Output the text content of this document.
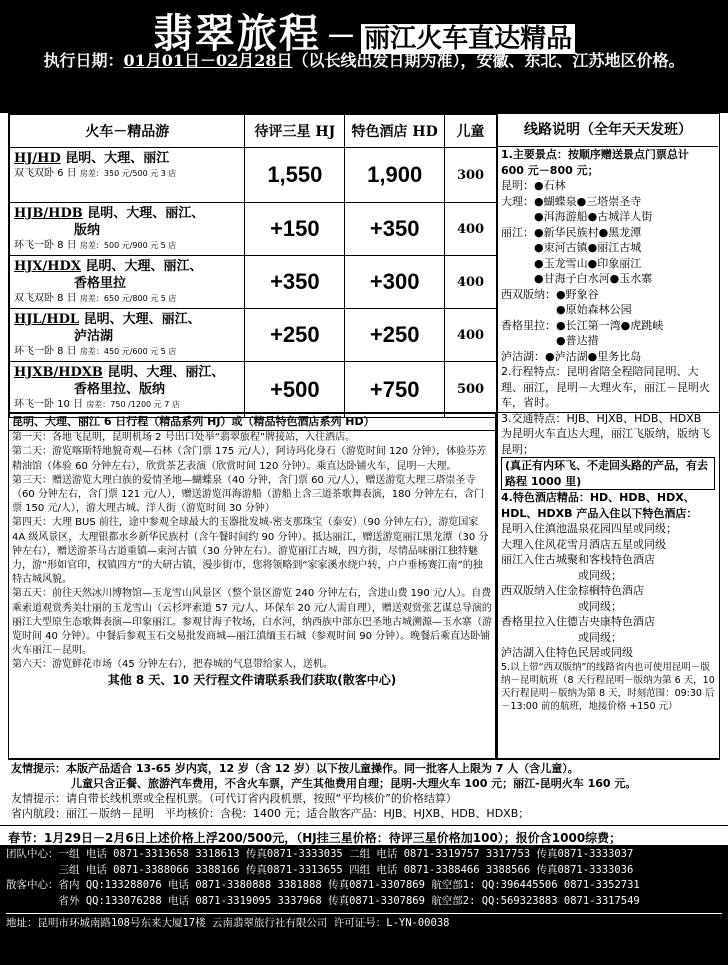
翡翠旅程 － 丽江火车直达精品
执行日期：01月01日－02月28日（以长线出发日期为准），安徽、东北、江苏地区价格。
火车－精品游	待评三星 HJ	特色酒店 HD	儿童

HJ/HD 昆明、大理、丽江
双飞双卧 6 日 房差：350 元/500 元 3 店	1,550	1,900	300

HJB/HDB 昆明、大理、丽江、
版纳
环飞一卧 8 日 房差：500 元/900 元 5 店	+150	+350	400

HJX/HDX 昆明、大理、丽江、
香格里拉
双飞双卧 8 日 房差：650 元/800 元 5 店	+350	+300	400

HJL/HDL 昆明、大理、丽江、
泸沽湖
环飞一卧 8 日 房差：450 元/600 元 5 店	+250	+250	400

HJXB/HDXB 昆明、大理、丽江、
香格里拉、版纳
环飞一卧 10 日 房差：750 /1200 元 7 店	+500	+750	500
线路说明（全年天天发班）

1.主要景点：按顺序赠送景点门票总计 600 元－800 元；

昆明：●石林

大理：●蝴蝶泉●三塔崇圣寺

　　　●洱海游船●古城洋人街

丽江：●新华民族村●黑龙潭

　　　●束河古镇●丽江古城

　　　●玉龙雪山●印象丽江

　　　●甘海子白水河●玉水寨

西双版纳：●野象谷

　　　　　●原始森林公园

香格里拉：●长江第一湾●虎跳峡

　　　　　●普达措

泸沽湖：●泸沽湖●里务比岛

2.行程特点：昆明省陪全程陪同昆明、大理、丽江，昆明－大理火车，丽江－昆明火车，省时。

3.交通特点：HJB、HJXB、HDB、HDXB 为昆明火车直达大理，丽江飞版纳，版纳飞昆明；

(真正有内环飞、不走回头路的产品，有去路程 1000 里)

4.特色酒店精品：HD、HDB、HDX、HDL、HDXB 产品入住以下特色酒店：

昆明入住滇池温泉花园四星或同级；

大理入住风花雪月酒店五星或同级

丽江入住古城聚和客栈特色酒店

　　　　　　　或同级；

西双版纳入住金棕榈特色酒店

　　　　　　　或同级；

香格里拉入住德吉央康特色酒店

　　　　　　　或同级；

泸沽湖入住特色民居或同级

5.以上带“西双版纳”的线路省内也可使用昆明－版纳－昆明航班（8 天行程昆明－版纳为第 6 天，10 天行程昆明－版纳为第 8 天，时刻范围：09:30 后－13:00 前的航班，地接价格 +150 元）

昆明、大理、丽江 6 日行程（精品系列 HJ）或（精品特色酒店系列 HD）

第一天：各地飞昆明，昆明机场 2 号出口处举“翡翠旅程”牌接站，入住酒店。

第二天：游览喀斯特地貌奇观—石林（含门票 175 元/人），阿诗玛化身石（游览时间 120 分钟），体验芬芳精油馆（体验 60 分钟左右），欣赏茶艺表演（欣赏时间 120 分钟）。乘直达卧铺火车，昆明－大理。

第三天：赠送游览大理白族的爱情圣地—蝴蝶泉（40 分钟，含门票 60 元/人），赠送游览大理三塔崇圣寺（60 分钟左右，含门票 121 元/人），赠送游览洱海游船（游船上含三道茶歌舞表演，180 分钟左右，含门票 150 元/人），游大理古城、洋人街（游览时间 30 分钟）

第四天：大理 BUS 前往，途中参观全球最大的玉器批发城-密支那珠宝（泰安）（90 分钟左右），游览国家 4A 级风景区，大理银都水乡新华民族村（含午餐时间约 90 分钟）。抵达丽江，赠送游览丽江黑龙潭（30 分钟左右），赠送游茶马古道重镇—束河古镇（30 分钟左右）。游览丽江古城，四方街，尽情品味丽江独特魅力，游“形如官印，权镇四方”的大研古镇，漫步街市，您将领略到“家家溪水绕户转，户户垂杨赛江南”的独特古城风貌。

第五天：前往天然冰川博物馆—玉龙雪山风景区（整个景区游览 240 分钟左右，含进山费 190 元/人）。自费乘索道观赏秀美壮丽的玉龙雪山（云杉坪索道 57 元/人、环保车 20 元/人需自理），赠送观赏张艺谋总导演的丽江大型原生态歌舞表演—印象丽江。参观甘海子牧场，白水河，纳西族中部东巴圣地古城溯源—玉水寨（游览时间 40 分钟）。中餐后参观玉石交易批发商城—丽江滇缅玉石城（参观时间 90 分钟）。晚餐后乘直达卧铺火车丽江－昆明。

第六天：游览鲜花市场（45 分钟左右），把春城的气息带给家人，送机。

其他 8 天、10 天行程文件请联系我们获取(散客中心)

友情提示：本版产品适合 13-65 岁内宾，12 岁（含 12 岁）以下按儿童操作。同一批客人上限为 7 人（含儿童）。

儿童只含正餐、旅游汽车费用，不含火车票，产生其他费用自理；昆明-大理火车 100 元；丽江-昆明火车 160 元。

友情提示：请自带长线机票或全程机票。（可代订省内段机票，按照“平均核价”的价格结算）

省内航段：丽江－版纳－昆明　平均核价：含税：1400 元；适合散客产品：HJB、HJXB、HDB、HDXB；

春节：1月29日－2月6日上述价格上浮200/500元，（HJ挂三星价格：待评三星价格加100）；报价含1000综费；
团队中心：一组 电话 0871-3313658 3318613 传真0871-3333035 二组 电话 0871-3319757 3317753 传真0871-3333037
　　　　　三组 电话 0871-3388066 3388166 传真0871-3313655 四组 电话 0871-3388466 3388566 传真0871-3333036
散客中心：省内 QQ:133288076 电话 0871-3380888 3381888 传真0871-3307869 航空部1: QQ:396445506 0871-3352731
　　　　　省外 QQ:133076288 电话 0871-3319095 3337968 传真0871-3307869 航空部2: QQ:569323883 0871-3317549
地址：昆明市环城南路108号东来大厦17楼 云南翡翠旅行社有限公司 许可证号：L-YN-00038
